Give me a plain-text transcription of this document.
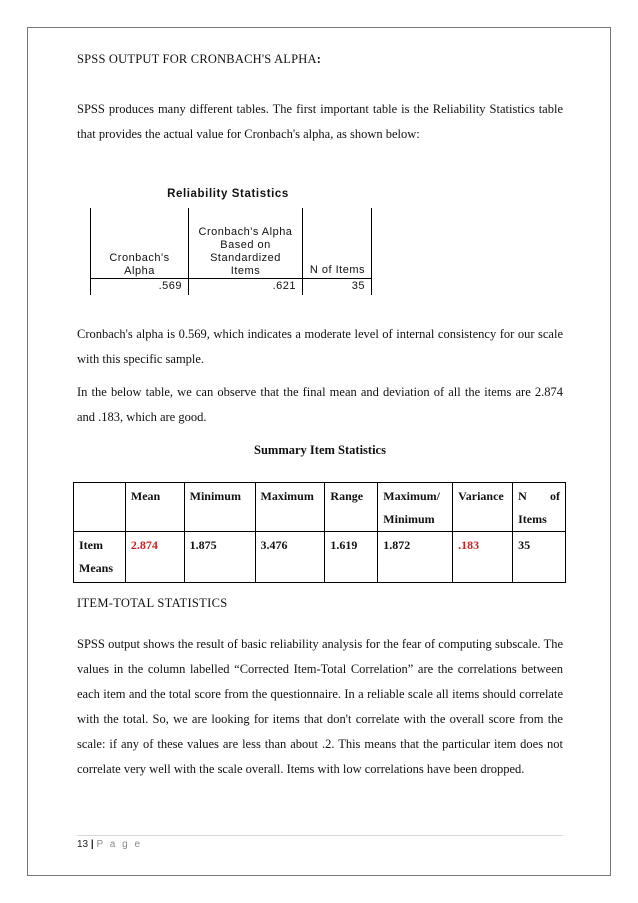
SPSS OUTPUT FOR CRONBACH'S ALPHA:
SPSS produces many different tables. The first important table is the Reliability Statistics table that provides the actual value for Cronbach's alpha, as shown below:
Reliability Statistics
Cronbach's Alpha	Cronbach's Alpha Based on Standardized Items	N of Items
.569	.621	35
Cronbach's alpha is 0.569, which indicates a moderate level of internal consistency for our scale with this specific sample.
In the below table, we can observe that the final mean and deviation of all the items are 2.874 and .183, which are good.
Summary Item Statistics
	Mean	Minimum	Maximum	Range	Maximum/ Minimum	Variance	N of Items
Item Means	2.874	1.875	3.476	1.619	1.872	.183	35
ITEM-TOTAL STATISTICS
SPSS output shows the result of basic reliability analysis for the fear of computing subscale. The values in the column labelled “Corrected Item-Total Correlation” are the correlations between each item and the total score from the questionnaire. In a reliable scale all items should correlate with the total. So, we are looking for items that don't correlate with the overall score from the scale: if any of these values are less than about .2. This means that the particular item does not correlate very well with the scale overall. Items with low correlations have been dropped.
13 | P a g e
